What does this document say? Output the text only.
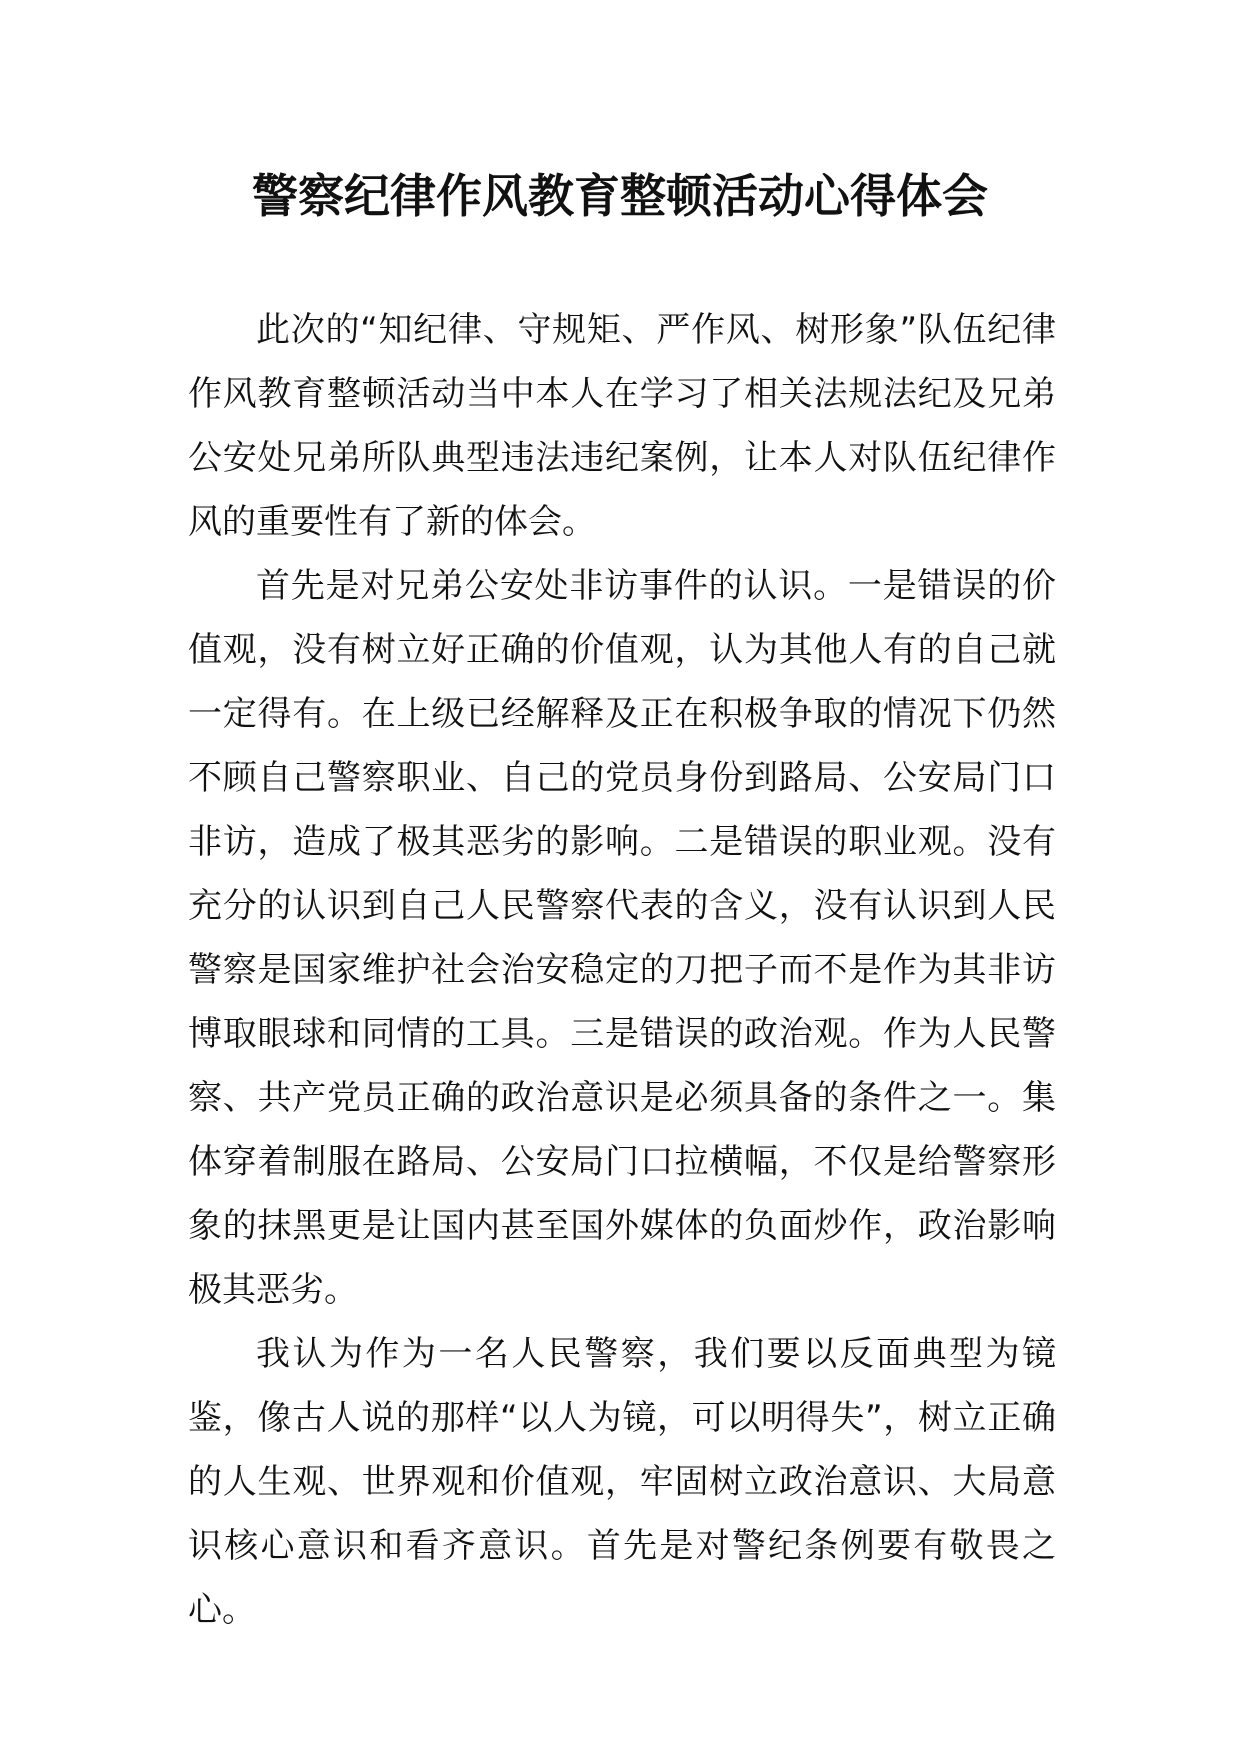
警察纪律作风教育整顿活动心得体会

此次的“知纪律、守规矩、严作风、树形象”队伍纪律作风教育整顿活动当中本人在学习了相关法规法纪及兄弟公安处兄弟所队典型违法违纪案例，让本人对队伍纪律作风的重要性有了新的体会。

首先是对兄弟公安处非访事件的认识。一是错误的价值观，没有树立好正确的价值观，认为其他人有的自己就一定得有。在上级已经解释及正在积极争取的情况下仍然不顾自己警察职业、自己的党员身份到路局、公安局门口非访，造成了极其恶劣的影响。二是错误的职业观。没有充分的认识到自己人民警察代表的含义，没有认识到人民警察是国家维护社会治安稳定的刀把子而不是作为其非访博取眼球和同情的工具。三是错误的政治观。作为人民警察、共产党员正确的政治意识是必须具备的条件之一。集体穿着制服在路局、公安局门口拉横幅，不仅是给警察形象的抹黑更是让国内甚至国外媒体的负面炒作，政治影响极其恶劣。

我认为作为一名人民警察，我们要以反面典型为镜鉴，像古人说的那样“以人为镜，可以明得失”，树立正确的人生观、世界观和价值观，牢固树立政治意识、大局意识核心意识和看齐意识。首先是对警纪条例要有敬畏之心。
